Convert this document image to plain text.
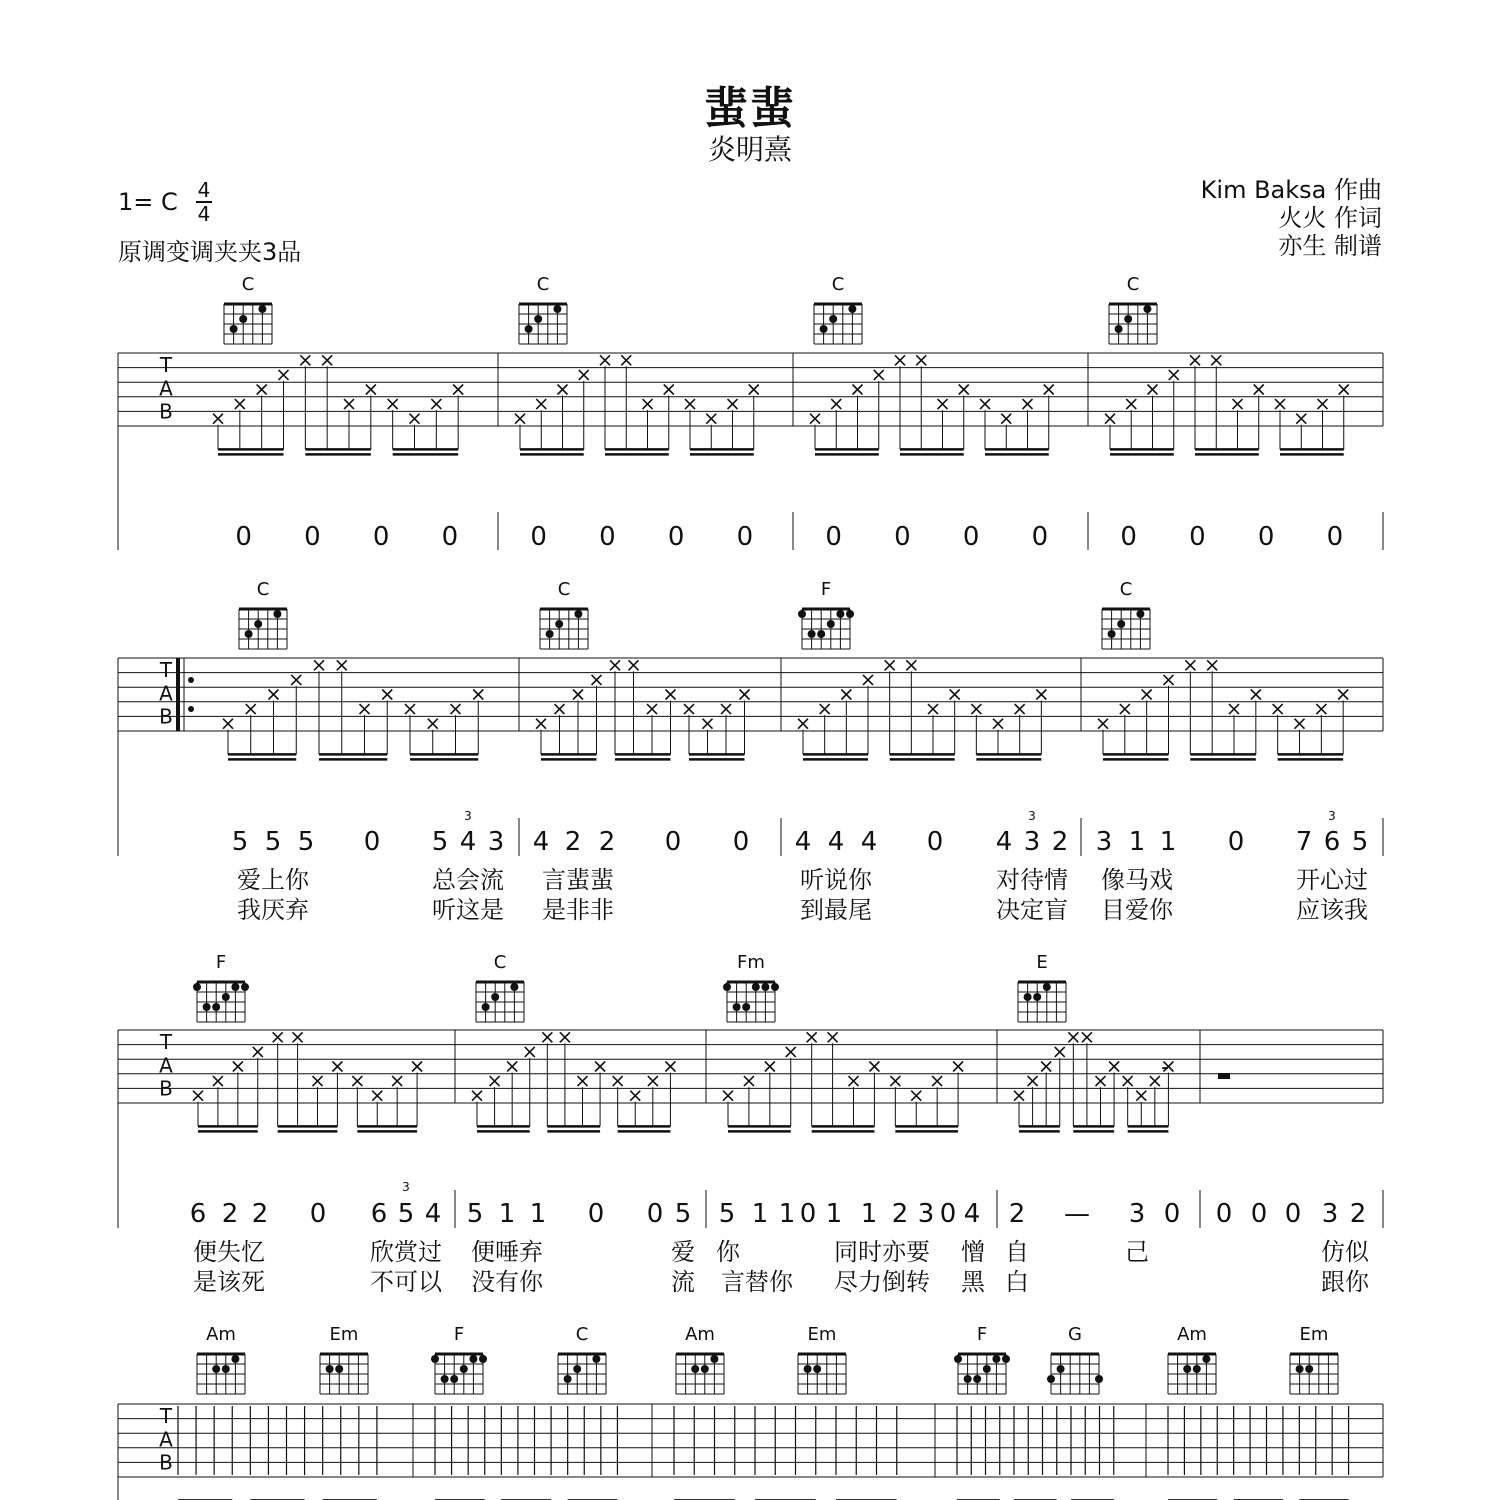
蜚蜚
炎明熹
1= C 4
4
原调变调夹夹3品
Kim Baksa 作曲
火火 作词
亦生 制谱
C	C	C	C
T
A
B
0 0 0 0	0 0 0 0	0 0 0 0	0 0 0 0
C	C	F	C
T
A
B
5 5 5 0 5 4 3 4 2 2 0 0 4 4 4 0 4 3 2 3 1 1 0 7 6 5
爱上你	总会流 言蜚蜚	听说你	对待情 像马戏	开心过
我厌弃	听这是 是非非	到最尾	决定盲 目爱你	应该我
3	3	3
F	C	Fm	E
T
A
B
-
6 2 2 0 6 5 4 5 1 1 0 0 5 5 1 1 0 1 1 2 3 0 4 2 — 3 0 0 0 0 3 2
便失忆	欣赏过 便唾弃	爱 你	同时亦要 憎 自	己	仿似
是该死	不可以 没有你	流 言替你 尽力倒转 黑 白	跟你
3
Am	Em	F	C	Am	Em	F	G	Am	Em
T
A
B
